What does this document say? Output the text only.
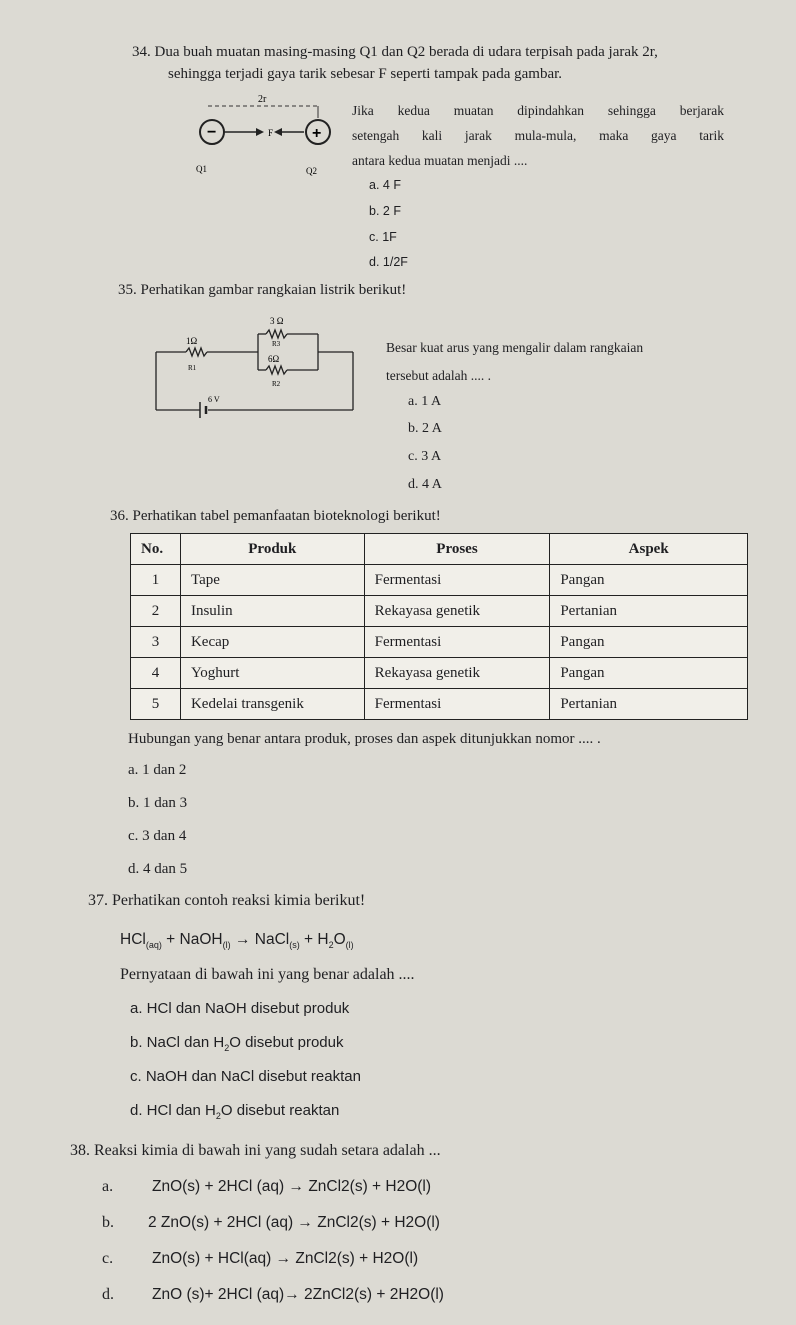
34. Dua buah muatan masing-masing Q1 dan Q2 berada di udara terpisah pada jarak 2r,
sehingga terjadi gaya tarik sebesar F seperti tampak pada gambar.
2r
−	F +
Q1	Q2
Jika kedua muatan dipindahkan sehingga berjarak
setengah kali jarak mula-mula, maka gaya tarik
antara kedua muatan menjadi ....
a. 4 F
b. 2 F
c. 1F
d. 1/2F
35. Perhatikan gambar rangkaian listrik berikut!
1Ω
R1
3 Ω
R3
6Ω
R2
6 V
Besar kuat arus yang mengalir dalam rangkaian
tersebut adalah .... .
a. 1 A
b. 2 A
c. 3 A
d. 4 A
36. Perhatikan tabel pemanfaatan bioteknologi berikut!
No.	Produk	Proses	Aspek
1	Tape	Fermentasi	Pangan
2	Insulin	Rekayasa genetik	Pertanian
3	Kecap	Fermentasi	Pangan
4	Yoghurt	Rekayasa genetik	Pangan
5	Kedelai transgenik	Fermentasi	Pertanian
Hubungan yang benar antara produk, proses dan aspek ditunjukkan nomor .... .
a. 1 dan 2
b. 1 dan 3
c. 3 dan 4
d. 4 dan 5
37. Perhatikan contoh reaksi kimia berikut!
HCl$_{(aq)}$ + NaOH$_{(l)}$ → NaCl$_{(s)}$ + $H_2O_{(l)}$
Pernyataan di bawah ini yang benar adalah ....
a. HCl dan NaOH disebut produk
b. NaCl dan $H_2O$ disebut produk
c. NaOH dan NaCl disebut reaktan
d. HCl dan $H_2O$ disebut reaktan
38. Reaksi kimia di bawah ini yang sudah setara adalah ...
a.	ZnO(s) + 2HCl (aq) → ZnCl2(s) + H2O(l)
b. 2 ZnO(s) + 2HCl (aq) → ZnCl2(s) + H2O(l)
c.	ZnO(s) + HCl(aq) → ZnCl2(s) + H2O(l)
d. ZnO (s)+ 2HCl (aq)→ 2ZnCl2(s) + 2H2O(l)
